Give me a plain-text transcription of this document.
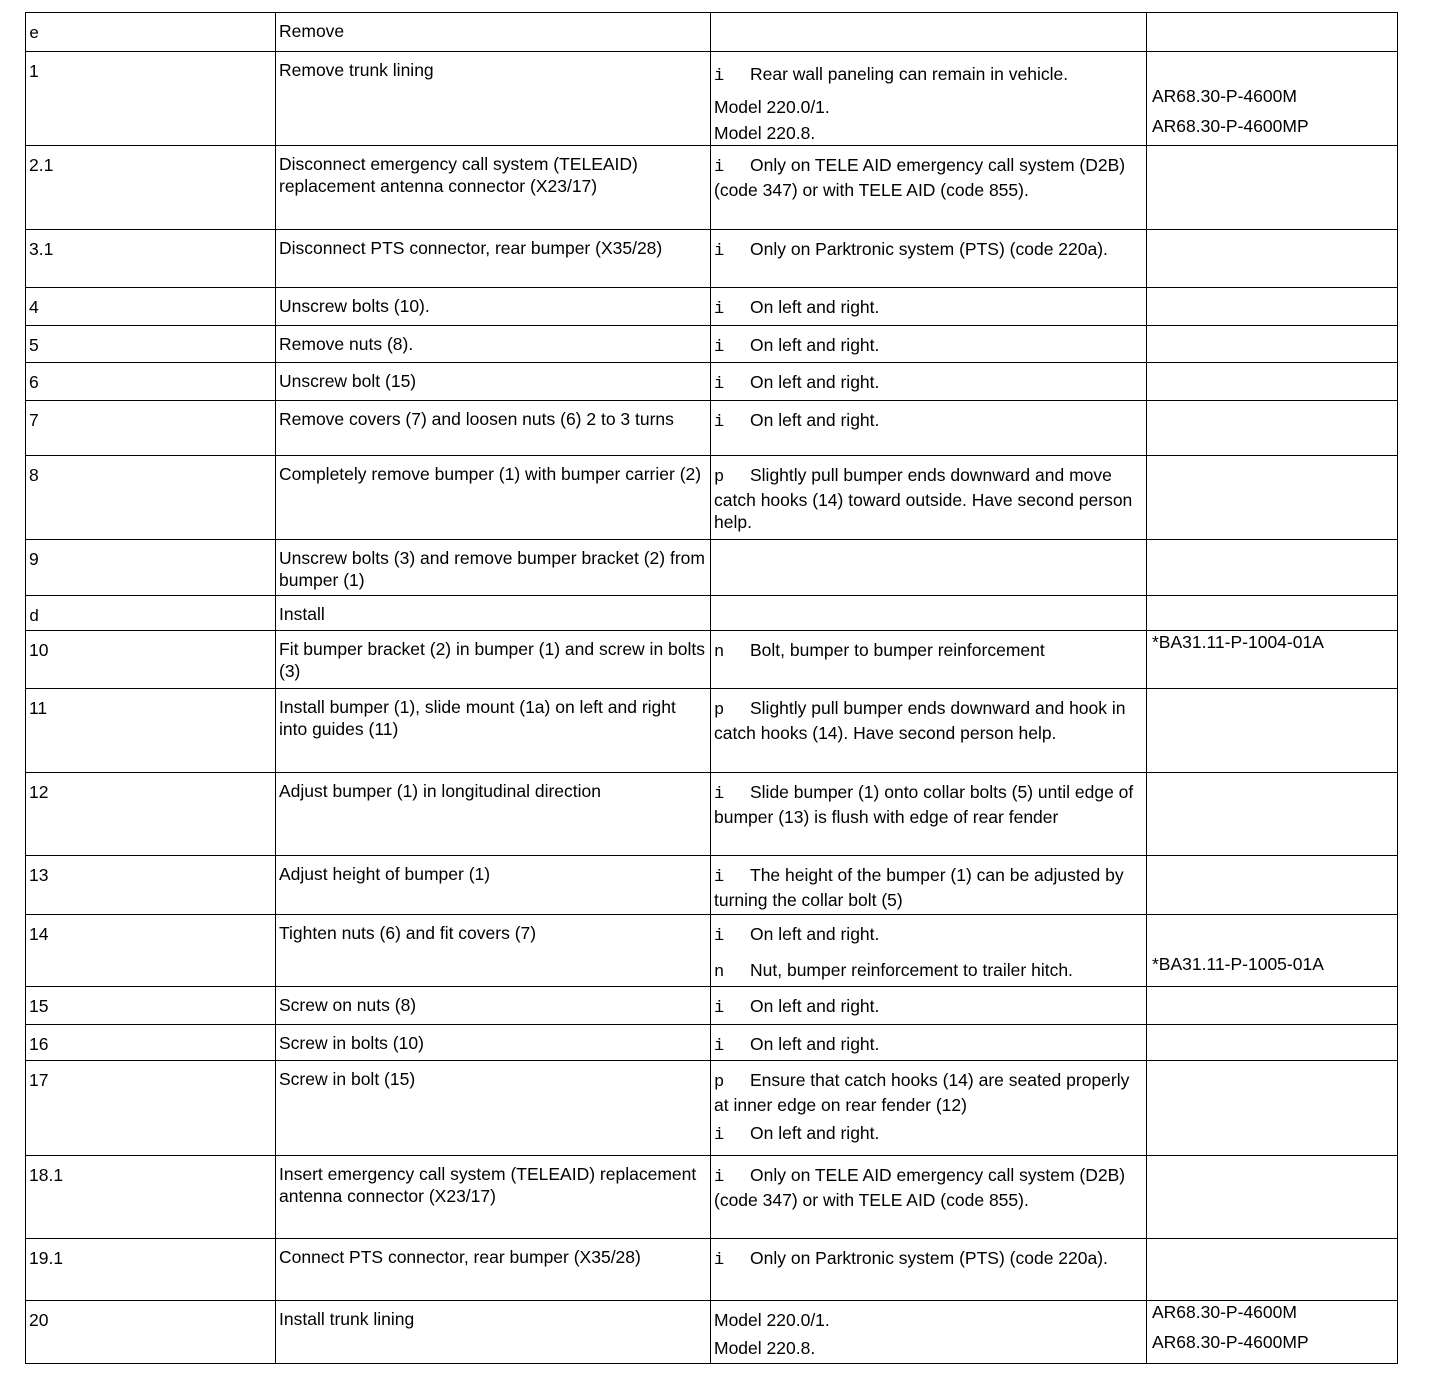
e	Remove		
1	Remove trunk lining	i Rear wall paneling can remain in vehicle.
Model 220.0/1.
Model 220.8.	AR68.30-P-4600M
AR68.30-P-4600MP

2.1	Disconnect emergency call system (TELEAID) replacement antenna connector (X23/17)	i Only on TELE AID emergency call system (D2B) (code 347) or with TELE AID (code 855).	
3.1	Disconnect PTS connector, rear bumper (X35/28)	i Only on Parktronic system (PTS) (code 220a).	
4	Unscrew bolts (10).	i On left and right.	
5	Remove nuts (8).	i On left and right.	
6	Unscrew bolt (15)	i On left and right.	
7	Remove covers (7) and loosen nuts (6) 2 to 3 turns	i On left and right.	
8	Completely remove bumper (1) with bumper carrier (2)	p Slightly pull bumper ends downward and move catch hooks (14) toward outside. Have second person help.	
9	Unscrew bolts (3) and remove bumper bracket (2) from bumper (1)		
d	Install		
10	Fit bumper bracket (2) in bumper (1) and screw in bolts (3)	n Bolt, bumper to bumper reinforcement	*BA31.11-P-1004-01A

11	Install bumper (1), slide mount (1a) on left and right into guides (11)	p Slightly pull bumper ends downward and hook in catch hooks (14). Have second person help.	
12	Adjust bumper (1) in longitudinal direction	i Slide bumper (1) onto collar bolts (5) until edge of bumper (13) is flush with edge of rear fender	
13	Adjust height of bumper (1)	i The height of the bumper (1) can be adjusted by turning the collar bolt (5)	
14	Tighten nuts (6) and fit covers (7)	i On left and right.
n Nut, bumper reinforcement to trailer hitch.	*BA31.11-P-1005-01A

15	Screw on nuts (8)	i On left and right.	
16	Screw in bolts (10)	i On left and right.	
17	Screw in bolt (15)	p Ensure that catch hooks (14) are seated properly at inner edge on rear fender (12)
i On left and right.	

18.1	Insert emergency call system (TELEAID) replacement antenna connector (X23/17)	i Only on TELE AID emergency call system (D2B) (code 347) or with TELE AID (code 855).	
19.1	Connect PTS connector, rear bumper (X35/28)	i Only on Parktronic system (PTS) (code 220a).	
20	Install trunk lining	Model 220.0/1.
Model 220.8.	AR68.30-P-4600M
AR68.30-P-4600MP
